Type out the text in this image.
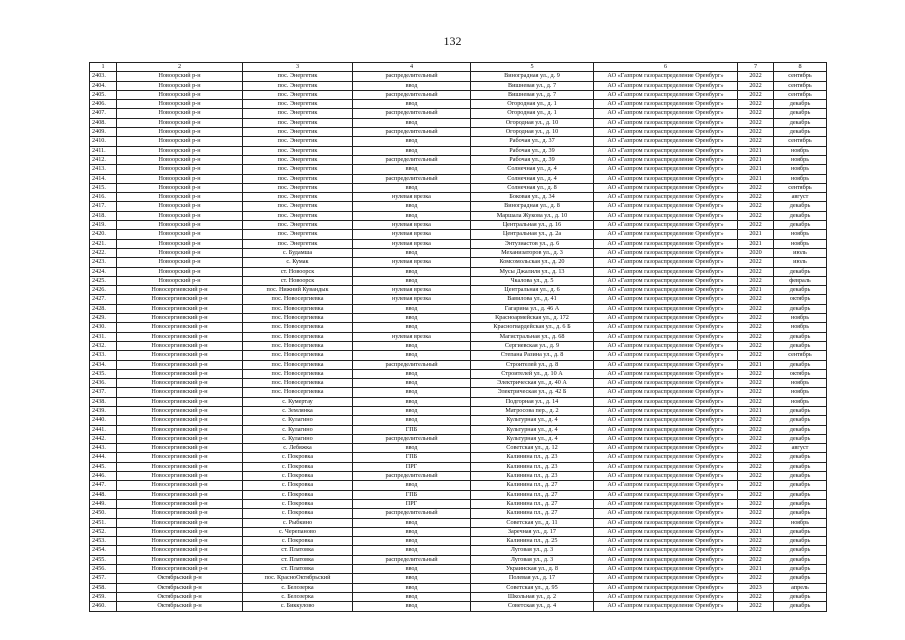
132
1	2	3	4	5	6	7	8
2403.	Новоорский р-н	пос. Энергетик	распределительный	Виноградная ул., д. 9	АО «Газпром газораспределение Оренбург»	2022	сентябрь
2404.	Новоорский р-н	пос. Энергетик	ввод	Вишневая ул., д. 7	АО «Газпром газораспределение Оренбург»	2022	сентябрь
2405.	Новоорский р-н	пос. Энергетик	распределительный	Вишневая ул., д. 7	АО «Газпром газораспределение Оренбург»	2022	сентябрь
2406.	Новоорский р-н	пос. Энергетик	ввод	Огородная ул., д. 1	АО «Газпром газораспределение Оренбург»	2022	декабрь
2407.	Новоорский р-н	пос. Энергетик	распределительный	Огородная ул., д. 1	АО «Газпром газораспределение Оренбург»	2022	декабрь
2408.	Новоорский р-н	пос. Энергетик	ввод	Огородная ул., д. 10	АО «Газпром газораспределение Оренбург»	2022	декабрь
2409.	Новоорский р-н	пос. Энергетик	распределительный	Огородная ул., д. 10	АО «Газпром газораспределение Оренбург»	2022	декабрь
2410.	Новоорский р-н	пос. Энергетик	ввод	Рабочая ул., д. 37	АО «Газпром газораспределение Оренбург»	2022	сентябрь
2411.	Новоорский р-н	пос. Энергетик	ввод	Рабочая ул., д. 39	АО «Газпром газораспределение Оренбург»	2021	ноябрь
2412.	Новоорский р-н	пос. Энергетик	распределительный	Рабочая ул., д. 39	АО «Газпром газораспределение Оренбург»	2021	ноябрь
2413.	Новоорский р-н	пос. Энергетик	ввод	Солнечная ул., д. 4	АО «Газпром газораспределение Оренбург»	2021	ноябрь
2414.	Новоорский р-н	пос. Энергетик	распределительный	Солнечная ул., д. 4	АО «Газпром газораспределение Оренбург»	2021	ноябрь
2415.	Новоорский р-н	пос. Энергетик	ввод	Солнечная ул., д. 8	АО «Газпром газораспределение Оренбург»	2022	сентябрь
2416.	Новоорский р-н	пос. Энергетик	нулевая врезка	Боковая ул., д. 34	АО «Газпром газораспределение Оренбург»	2022	август
2417.	Новоорский р-н	пос. Энергетик	ввод	Виноградная ул., д. 8	АО «Газпром газораспределение Оренбург»	2022	декабрь
2418.	Новоорский р-н	пос. Энергетик	ввод	Маршала Жукова ул., д. 10	АО «Газпром газораспределение Оренбург»	2022	декабрь
2419.	Новоорский р-н	пос. Энергетик	нулевая врезка	Центральная ул., д. 16	АО «Газпром газораспределение Оренбург»	2022	декабрь
2420.	Новоорский р-н	пос. Энергетик	нулевая врезка	Центральная ул., д. 2а	АО «Газпром газораспределение Оренбург»	2021	ноябрь
2421.	Новоорский р-н	пос. Энергетик	нулевая врезка	Энтузиастов ул., д. 6	АО «Газпром газораспределение Оренбург»	2021	ноябрь
2422.	Новоорский р-н	с. Будамша	ввод	Механизаторов ул., д. 3	АО «Газпром газораспределение Оренбург»	2020	июль
2423.	Новоорский р-н	с. Кумак	нулевая врезка	Комсомольская ул., д. 20	АО «Газпром газораспределение Оренбург»	2022	июль
2424.	Новоорский р-н	ст. Новоорск	ввод	Мусы Джалиля ул., д. 13	АО «Газпром газораспределение Оренбург»	2022	декабрь
2425.	Новоорский р-н	ст. Новоорск	ввод	Чкалова ул., д. 5	АО «Газпром газораспределение Оренбург»	2022	февраль
2426.	Новосергиевский р-н	пос. Нижний Кувандык	нулевая врезка	Центральная ул., д. 6	АО «Газпром газораспределение Оренбург»	2021	декабрь
2427.	Новосергиевский р-н	пос. Новосергиевка	нулевая врезка	Вавилова ул., д. 41	АО «Газпром газораспределение Оренбург»	2022	октябрь
2428.	Новосергиевский р-н	пос. Новосергиевка	ввод	Гагарина ул., д. 46 А	АО «Газпром газораспределение Оренбург»	2022	декабрь
2429.	Новосергиевский р-н	пос. Новосергиевка	ввод	Красноармейская ул., д. 172	АО «Газпром газораспределение Оренбург»	2022	ноябрь
2430.	Новосергиевский р-н	пос. Новосергиевка	ввод	Красногвардейская ул., д. 6 Б	АО «Газпром газораспределение Оренбург»	2022	ноябрь
2431.	Новосергиевский р-н	пос. Новосергиевка	нулевая врезка	Магистральная ул., д. 68	АО «Газпром газораспределение Оренбург»	2022	декабрь
2432.	Новосергиевский р-н	пос. Новосергиевка	ввод	Сергиевская ул., д. 9	АО «Газпром газораспределение Оренбург»	2022	декабрь
2433.	Новосергиевский р-н	пос. Новосергиевка	ввод	Степана Разина ул., д. 8	АО «Газпром газораспределение Оренбург»	2022	сентябрь
2434.	Новосергиевский р-н	пос. Новосергиевка	распределительный	Строителей ул., д. 8	АО «Газпром газораспределение Оренбург»	2021	декабрь
2435.	Новосергиевский р-н	пос. Новосергиевка	ввод	Строителей ул., д. 10 А	АО «Газпром газораспределение Оренбург»	2022	октябрь
2436.	Новосергиевский р-н	пос. Новосергиевка	ввод	Электрическая ул., д. 40 А	АО «Газпром газораспределение Оренбург»	2022	ноябрь
2437.	Новосергиевский р-н	пос. Новосергиевка	ввод	Электрическая ул., д. 42 Б	АО «Газпром газораспределение Оренбург»	2022	ноябрь
2438.	Новосергиевский р-н	с. Кумертау	ввод	Подгорная ул., д. 14	АО «Газпром газораспределение Оренбург»	2022	ноябрь
2439.	Новосергиевский р-н	с. Землянка	ввод	Матросова пер., д. 2	АО «Газпром газораспределение Оренбург»	2021	декабрь
2440.	Новосергиевский р-н	с. Кулагино	ввод	Культурная ул., д. 4	АО «Газпром газораспределение Оренбург»	2022	декабрь
2441.	Новосергиевский р-н	с. Кулагино	ГПБ	Культурная ул., д. 4	АО «Газпром газораспределение Оренбург»	2022	декабрь
2442.	Новосергиевский р-н	с. Кулагино	распределительный	Культурная ул., д. 4	АО «Газпром газораспределение Оренбург»	2022	декабрь
2443.	Новосергиевский р-н	с. Лебяжка	ввод	Советская ул., д. 12	АО «Газпром газораспределение Оренбург»	2022	август
2444.	Новосергиевский р-н	с. Покровка	ГПБ	Калинина пл., д. 23	АО «Газпром газораспределение Оренбург»	2022	декабрь
2445.	Новосергиевский р-н	с. Покровка	ПРГ	Калинина пл., д. 23	АО «Газпром газораспределение Оренбург»	2022	декабрь
2446.	Новосергиевский р-н	с. Покровка	распределительный	Калинина пл., д. 23	АО «Газпром газораспределение Оренбург»	2022	декабрь
2447.	Новосергиевский р-н	с. Покровка	ввод	Калинина пл., д. 27	АО «Газпром газораспределение Оренбург»	2022	декабрь
2448.	Новосергиевский р-н	с. Покровка	ГПБ	Калинина пл., д. 27	АО «Газпром газораспределение Оренбург»	2022	декабрь
2449.	Новосергиевский р-н	с. Покровка	ПРГ	Калинина пл., д. 27	АО «Газпром газораспределение Оренбург»	2022	декабрь
2450.	Новосергиевский р-н	с. Покровка	распределительный	Калинина пл., д. 27	АО «Газпром газораспределение Оренбург»	2022	декабрь
2451.	Новосергиевский р-н	с. Рыбкино	ввод	Советская ул., д. 11	АО «Газпром газораспределение Оренбург»	2022	ноябрь
2452.	Новосергиевский р-н	с. Черепаново	ввод	Заречная ул., д. 17	АО «Газпром газораспределение Оренбург»	2021	декабрь
2453.	Новосергиевский р-н	с. Покровка	ввод	Калинина пл., д. 25	АО «Газпром газораспределение Оренбург»	2022	декабрь
2454.	Новосергиевский р-н	ст. Платовка	ввод	Луговая ул., д. 3	АО «Газпром газораспределение Оренбург»	2022	декабрь
2455.	Новосергиевский р-н	ст. Платовка	распределительный	Луговая ул., д. 3	АО «Газпром газораспределение Оренбург»	2022	декабрь
2456.	Новосергиевский р-н	ст. Платовка	ввод	Украинская ул., д. 8	АО «Газпром газораспределение Оренбург»	2021	декабрь
2457.	Октябрьский р-н	пос. КрасноОктябрьский	ввод	Полевая ул., д. 17	АО «Газпром газораспределение Оренбург»	2022	декабрь
2458.	Октябрьский р-н	с. Белозерка	ввод	Советская ул., д. 95	АО «Газпром газораспределение Оренбург»	2023	апрель
2459.	Октябрьский р-н	с. Белозерка	ввод	Школьная ул., д. 2	АО «Газпром газораспределение Оренбург»	2022	декабрь
2460.	Октябрьский р-н	с. Биккулово	ввод	Советская ул., д. 4	АО «Газпром газораспределение Оренбург»	2022	декабрь
